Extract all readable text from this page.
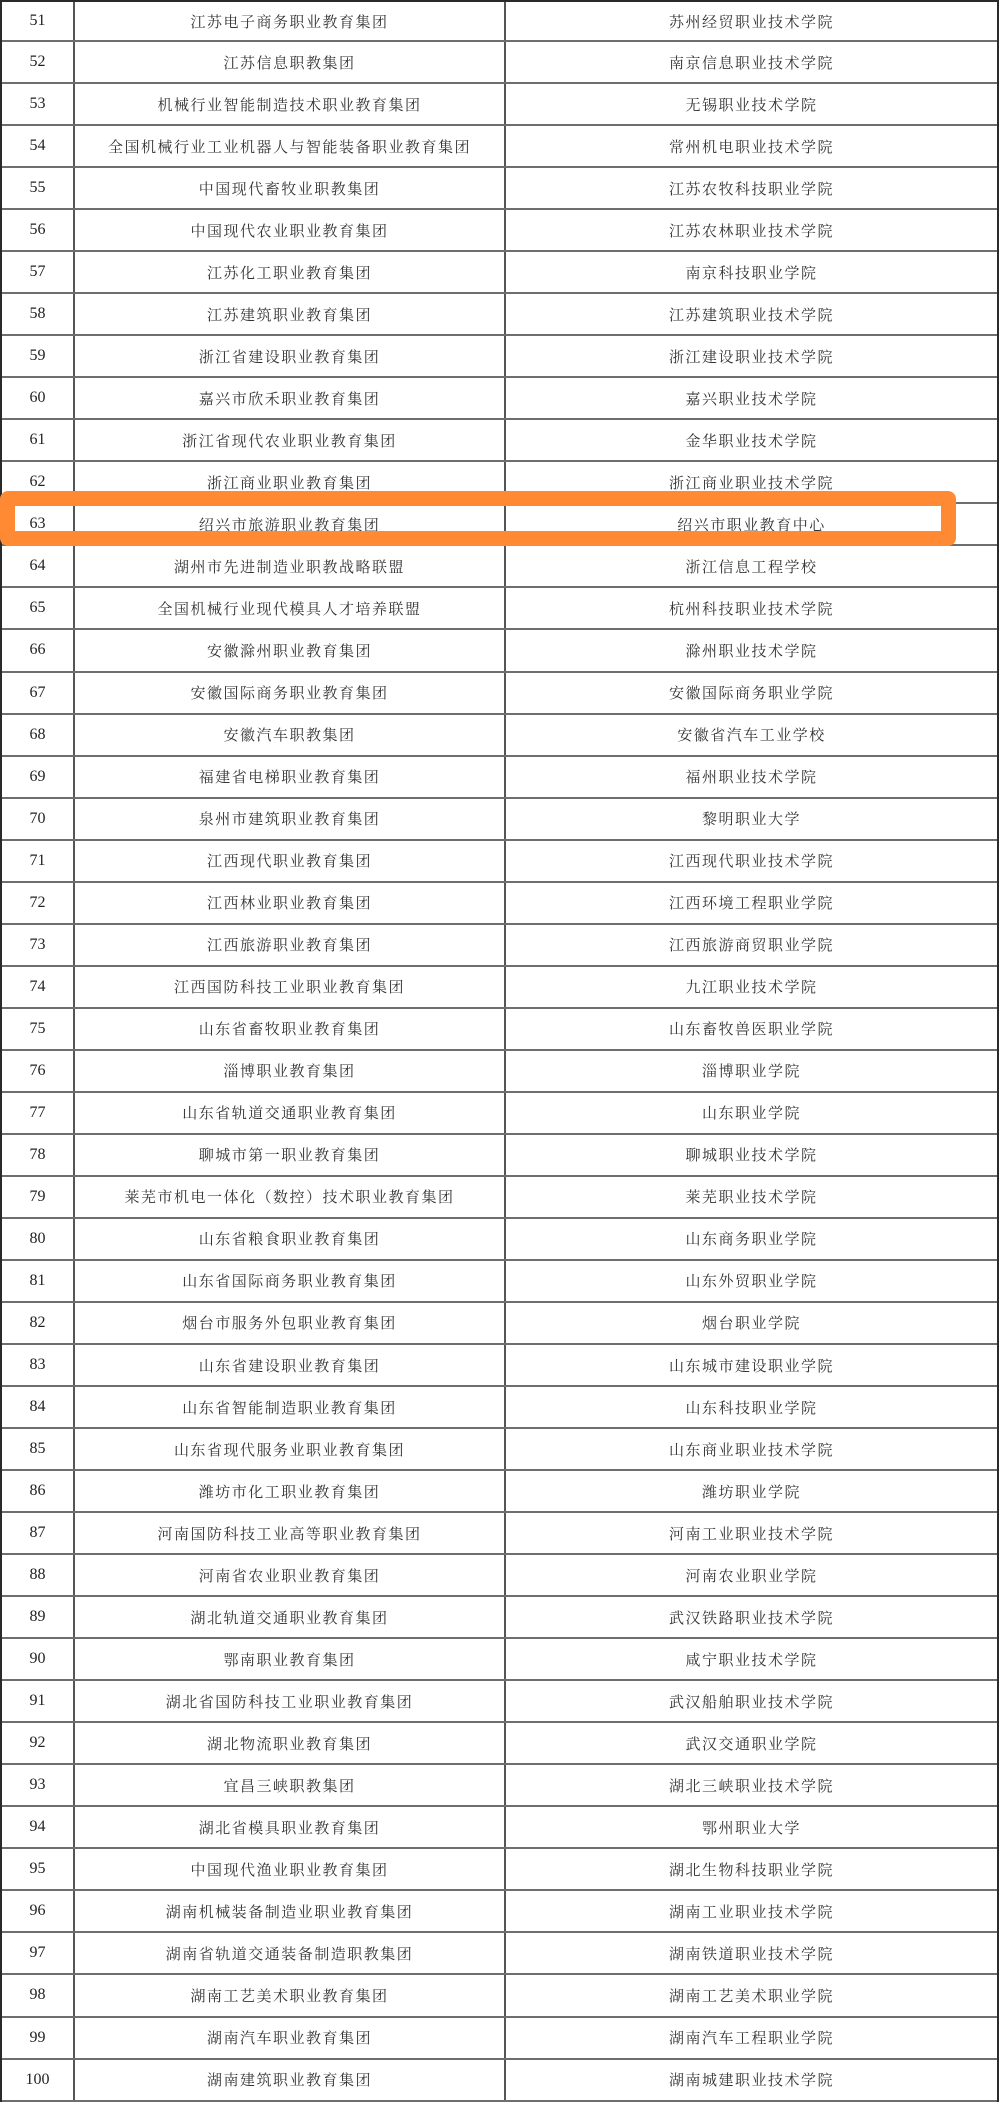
51	江苏电子商务职业教育集团	苏州经贸职业技术学院
52	江苏信息职教集团	南京信息职业技术学院
53	机械行业智能制造技术职业教育集团	无锡职业技术学院
54	全国机械行业工业机器人与智能装备职业教育集团	常州机电职业技术学院
55	中国现代畜牧业职教集团	江苏农牧科技职业学院
56	中国现代农业职业教育集团	江苏农林职业技术学院
57	江苏化工职业教育集团	南京科技职业学院
58	江苏建筑职业教育集团	江苏建筑职业技术学院
59	浙江省建设职业教育集团	浙江建设职业技术学院
60	嘉兴市欣禾职业教育集团	嘉兴职业技术学院
61	浙江省现代农业职业教育集团	金华职业技术学院
62	浙江商业职业教育集团	浙江商业职业技术学院
63	绍兴市旅游职业教育集团	绍兴市职业教育中心
64	湖州市先进制造业职教战略联盟	浙江信息工程学校
65	全国机械行业现代模具人才培养联盟	杭州科技职业技术学院
66	安徽滁州职业教育集团	滁州职业技术学院
67	安徽国际商务职业教育集团	安徽国际商务职业学院
68	安徽汽车职教集团	安徽省汽车工业学校
69	福建省电梯职业教育集团	福州职业技术学院
70	泉州市建筑职业教育集团	黎明职业大学
71	江西现代职业教育集团	江西现代职业技术学院
72	江西林业职业教育集团	江西环境工程职业学院
73	江西旅游职业教育集团	江西旅游商贸职业学院
74	江西国防科技工业职业教育集团	九江职业技术学院
75	山东省畜牧职业教育集团	山东畜牧兽医职业学院
76	淄博职业教育集团	淄博职业学院
77	山东省轨道交通职业教育集团	山东职业学院
78	聊城市第一职业教育集团	聊城职业技术学院
79	莱芜市机电一体化（数控）技术职业教育集团	莱芜职业技术学院
80	山东省粮食职业教育集团	山东商务职业学院
81	山东省国际商务职业教育集团	山东外贸职业学院
82	烟台市服务外包职业教育集团	烟台职业学院
83	山东省建设职业教育集团	山东城市建设职业学院
84	山东省智能制造职业教育集团	山东科技职业学院
85	山东省现代服务业职业教育集团	山东商业职业技术学院
86	潍坊市化工职业教育集团	潍坊职业学院
87	河南国防科技工业高等职业教育集团	河南工业职业技术学院
88	河南省农业职业教育集团	河南农业职业学院
89	湖北轨道交通职业教育集团	武汉铁路职业技术学院
90	鄂南职业教育集团	咸宁职业技术学院
91	湖北省国防科技工业职业教育集团	武汉船舶职业技术学院
92	湖北物流职业教育集团	武汉交通职业学院
93	宜昌三峡职教集团	湖北三峡职业技术学院
94	湖北省模具职业教育集团	鄂州职业大学
95	中国现代渔业职业教育集团	湖北生物科技职业学院
96	湖南机械装备制造业职业教育集团	湖南工业职业技术学院
97	湖南省轨道交通装备制造职教集团	湖南铁道职业技术学院
98	湖南工艺美术职业教育集团	湖南工艺美术职业学院
99	湖南汽车职业教育集团	湖南汽车工程职业学院
100	湖南建筑职业教育集团	湖南城建职业技术学院
